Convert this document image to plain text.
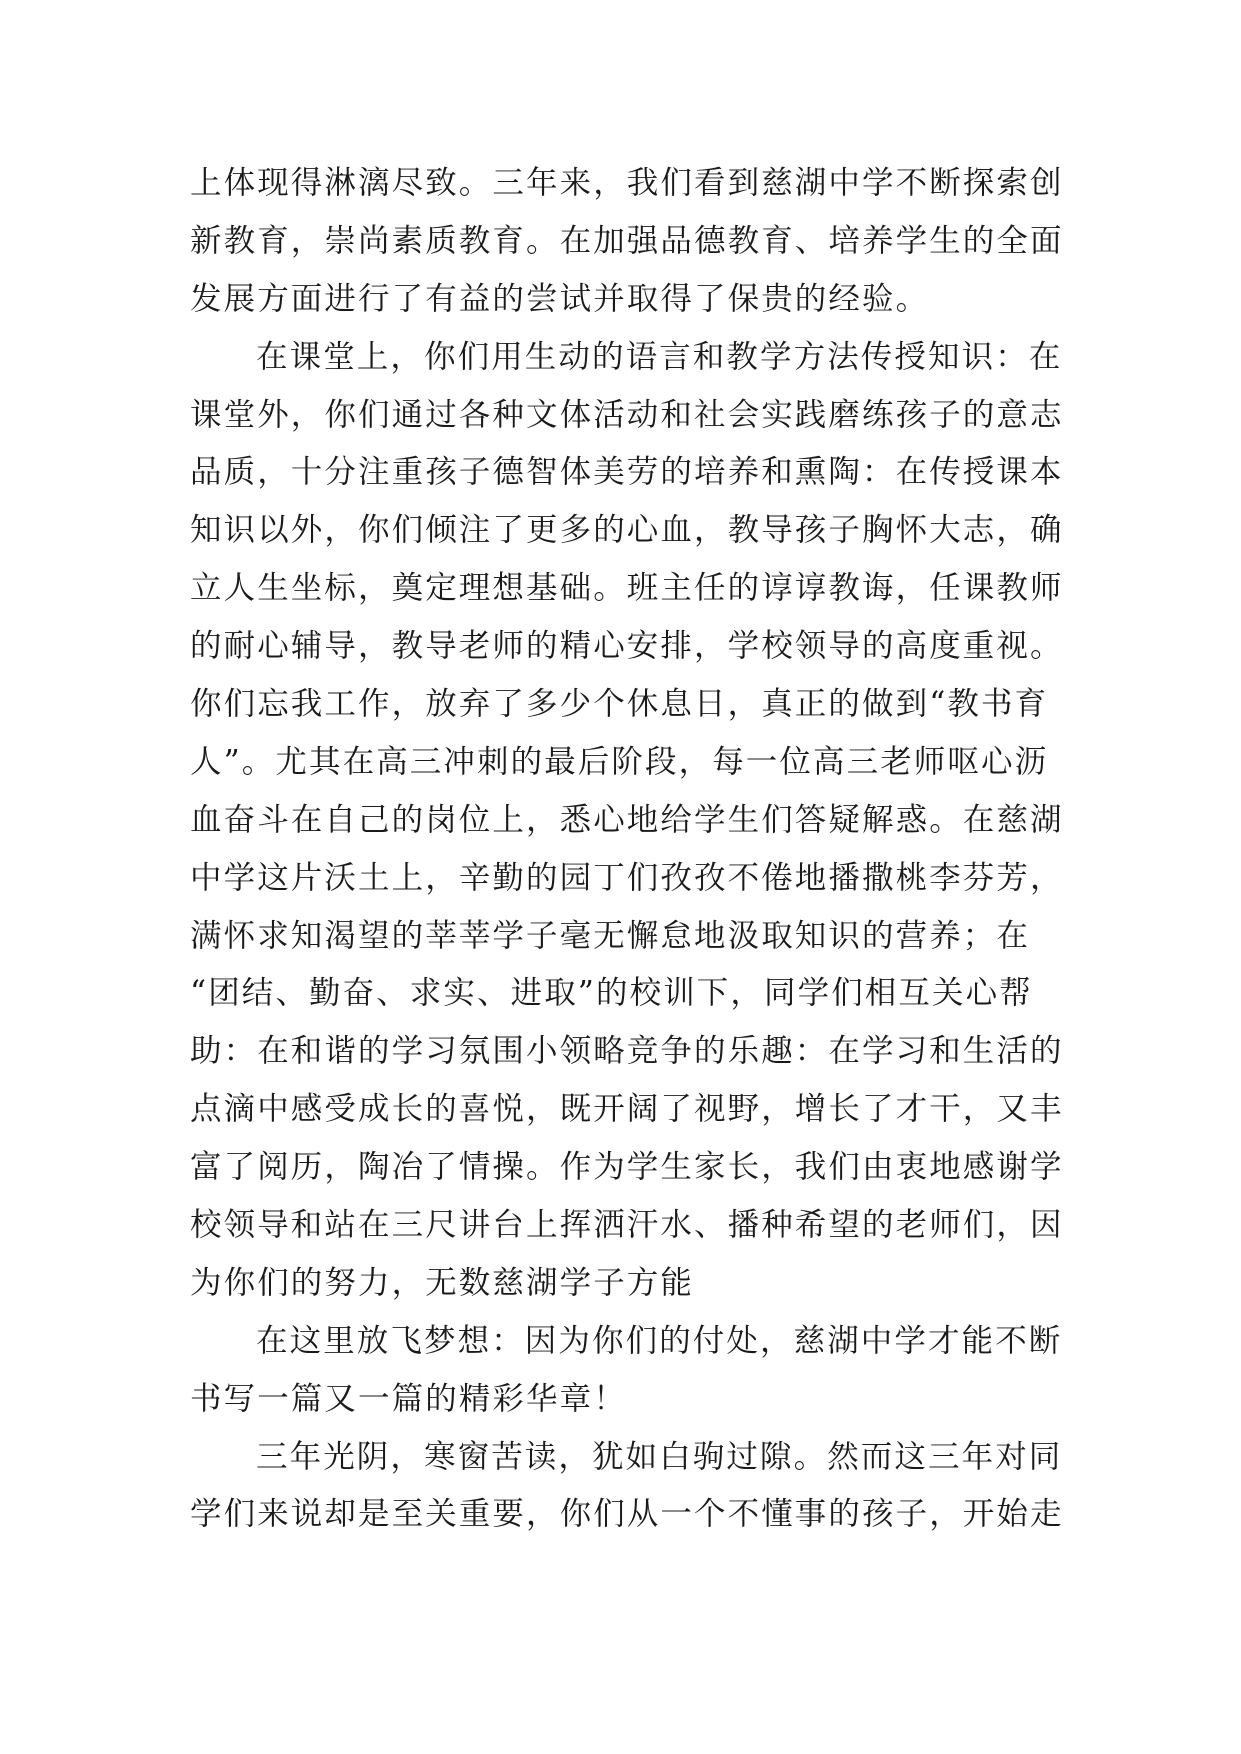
上体现得淋漓尽致。三年来，我们看到慈湖中学不断探索创
新教育，崇尚素质教育。在加强品德教育、培养学生的全面
发展方面进行了有益的尝试并取得了保贵的经验。
在课堂上，你们用生动的语言和教学方法传授知识：在
课堂外，你们通过各种文体活动和社会实践磨练孩子的意志
品质，十分注重孩子德智体美劳的培养和熏陶：在传授课本
知识以外，你们倾注了更多的心血，教导孩子胸怀大志，确
立人生坐标，奠定理想基础。班主任的谆谆教诲，任课教师
的耐心辅导，教导老师的精心安排，学校领导的高度重视。
你们忘我工作，放弃了多少个休息日，真正的做到“教书育
人”。尤其在高三冲刺的最后阶段，每一位高三老师呕心沥
血奋斗在自己的岗位上，悉心地给学生们答疑解惑。在慈湖
中学这片沃土上，辛勤的园丁们孜孜不倦地播撒桃李芬芳，
满怀求知渴望的莘莘学子毫无懈怠地汲取知识的营养；在
“团结、勤奋、求实、进取”的校训下，同学们相互关心帮
助：在和谐的学习氛围小领略竞争的乐趣：在学习和生活的
点滴中感受成长的喜悦，既开阔了视野，增长了才干，又丰
富了阅历，陶冶了情操。作为学生家长，我们由衷地感谢学
校领导和站在三尺讲台上挥洒汗水、播种希望的老师们，因
为你们的努力，无数慈湖学子方能
在这里放飞梦想：因为你们的付处，慈湖中学才能不断
书写一篇又一篇的精彩华章！
三年光阴，寒窗苦读，犹如白驹过隙。然而这三年对同
学们来说却是至关重要，你们从一个不懂事的孩子，开始走
